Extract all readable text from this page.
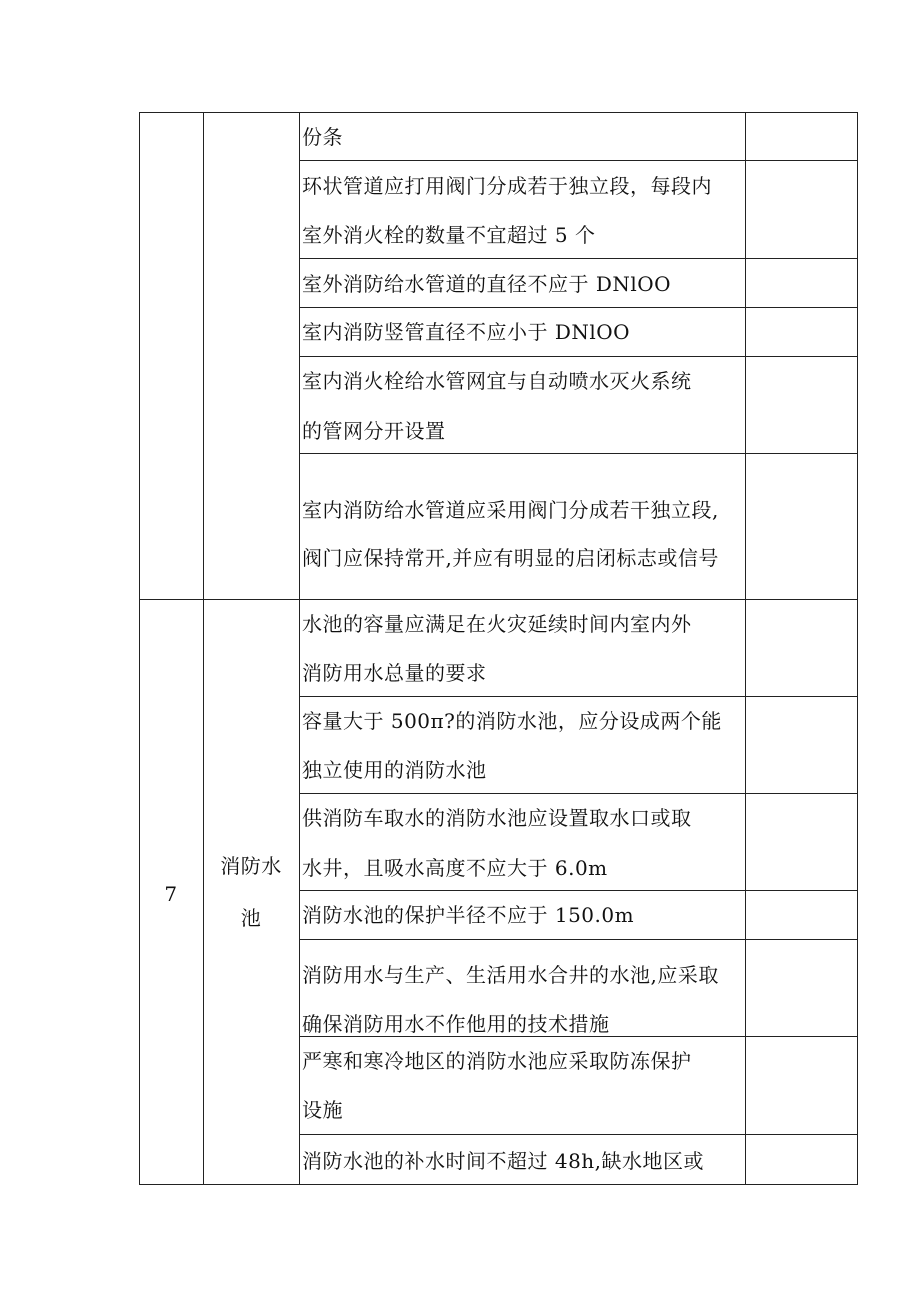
份条
环状管道应打用阀门分成若于独立段，每段内
室外消火栓的数量不宜超过 5 个
室外消防给水管道的直径不应于 DNlOO
室内消防竖管直径不应小于 DNlOO
室内消火栓给水管网宜与自动喷水灭火系统
的管网分开设置
室内消防给水管道应采用阀门分成若干独立段,
阀门应保持常开,并应有明显的启闭标志或信号
7
消防水
池
水池的容量应满足在火灾延续时间内室内外
消防用水总量的要求
容量大于 500π?的消防水池，应分设成两个能
独立使用的消防水池
供消防车取水的消防水池应设置取水口或取
水井，且吸水高度不应大于 6.0m
消防水池的保护半径不应于 150.0m
消防用水与生产、生活用水合井的水池,应采取
确保消防用水不作他用的技术措施
严寒和寒冷地区的消防水池应采取防冻保护
设施
消防水池的补水时间不超过 48h,缺水地区或
